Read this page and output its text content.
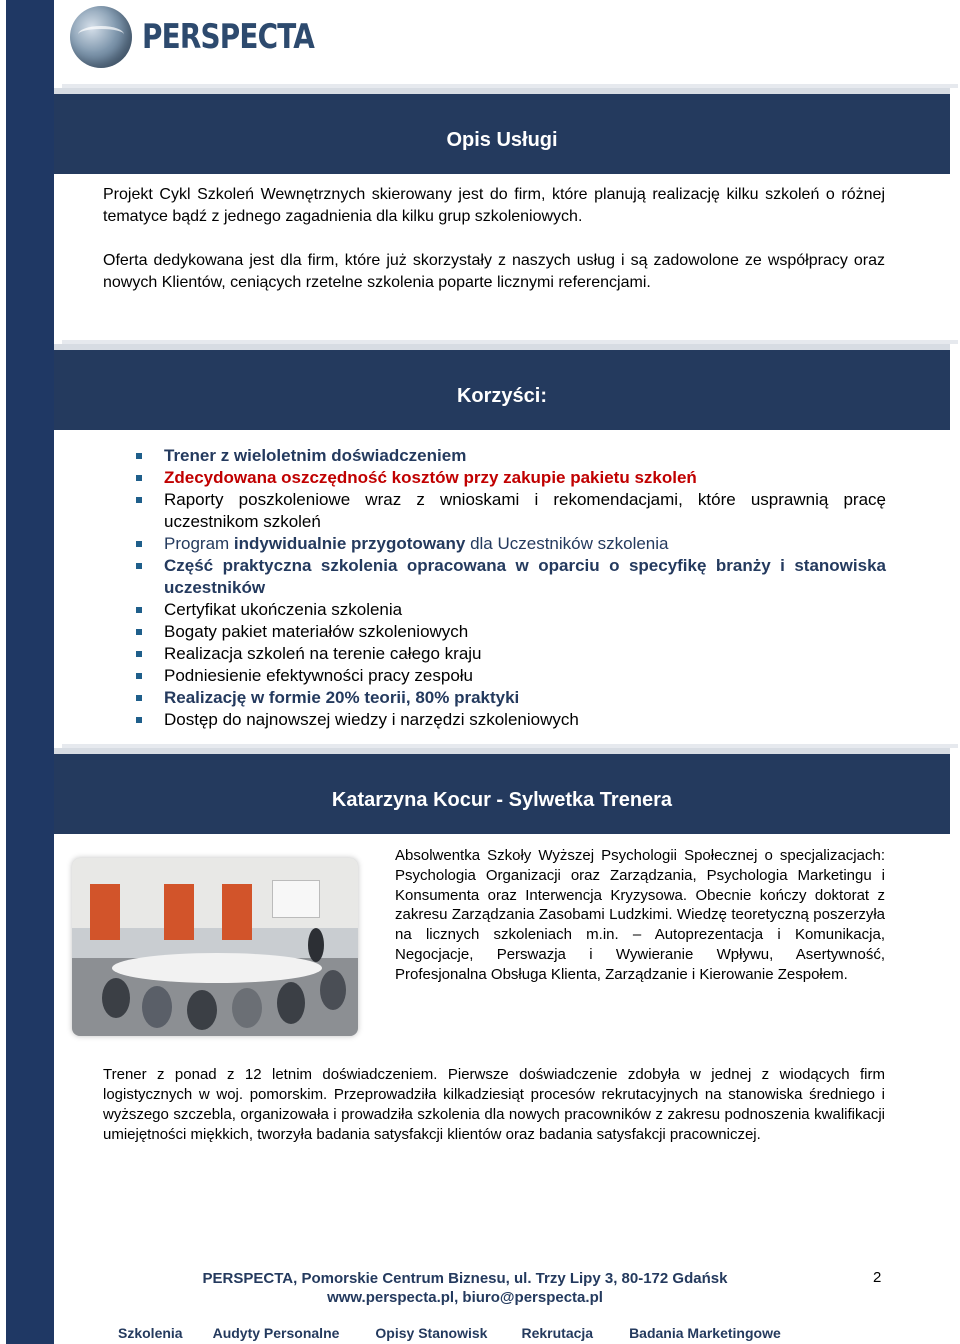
PERSPECTA
Opis Usługi

Projekt Cykl Szkoleń Wewnętrznych skierowany jest do firm, które planują realizację kilku szkoleń o różnej tematyce bądź z jednego zagadnienia dla kilku grup szkoleniowych.

Oferta dedykowana jest dla firm, które już skorzystały z naszych usług i są zadowolone ze współpracy oraz nowych Klientów, ceniących rzetelne szkolenia poparte licznymi referencjami.

Korzyści:
Trener z wieloletnim doświadczeniem
Zdecydowana oszczędność kosztów przy zakupie pakietu szkoleń
Raporty poszkoleniowe wraz z wnioskami i rekomendacjami, które usprawnią pracę uczestnikom szkoleń
Program indywidualnie przygotowany dla Uczestników szkolenia
Część praktyczna szkolenia opracowana w oparciu o specyfikę branży i stanowiska uczestników
Certyfikat ukończenia szkolenia
Bogaty pakiet materiałów szkoleniowych
Realizacja szkoleń na terenie całego kraju
Podniesienie efektywności pracy zespołu
Realizację w formie 20% teorii, 80% praktyki
Dostęp do najnowszej wiedzy i narzędzi szkoleniowych
Katarzyna Kocur - Sylwetka Trenera
Absolwentka Szkoły Wyższej Psychologii Społecznej o specjalizacjach: Psychologia Organizacji oraz Zarządzania, Psychologia Marketingu i Konsumenta oraz Interwencja Kryzysowa. Obecnie kończy doktorat z zakresu Zarządzania Zasobami Ludzkimi. Wiedzę teoretyczną poszerzyła na licznych szkoleniach m.in. – Autoprezentacja i Komunikacja, Negocjacje, Perswazja i Wywieranie Wpływu, Asertywność, Profesjonalna Obsługa Klienta, Zarządzanie i Kierowanie Zespołem.
Trener z ponad z 12 letnim doświadczeniem. Pierwsze doświadczenie zdobyła w jednej z wiodących firm logistycznych w woj. pomorskim. Przeprowadziła kilkadziesiąt procesów rekrutacyjnych na stanowiska średniego i wyższego szczebla, organizowała i prowadziła szkolenia dla nowych pracowników z zakresu podnoszenia kwalifikacji umiejętności miękkich, tworzyła badania satysfakcji klientów oraz badania satysfakcji pracowniczej.
PERSPECTA, Pomorskie Centrum Biznesu, ul. Trzy Lipy 3, 80-172 Gdańsk
www.perspecta.pl, biuro@perspecta.pl
2
Szkolenia Audyty Personalne	Opisy Stanowisk Rekrutacja	Badania Marketingowe
